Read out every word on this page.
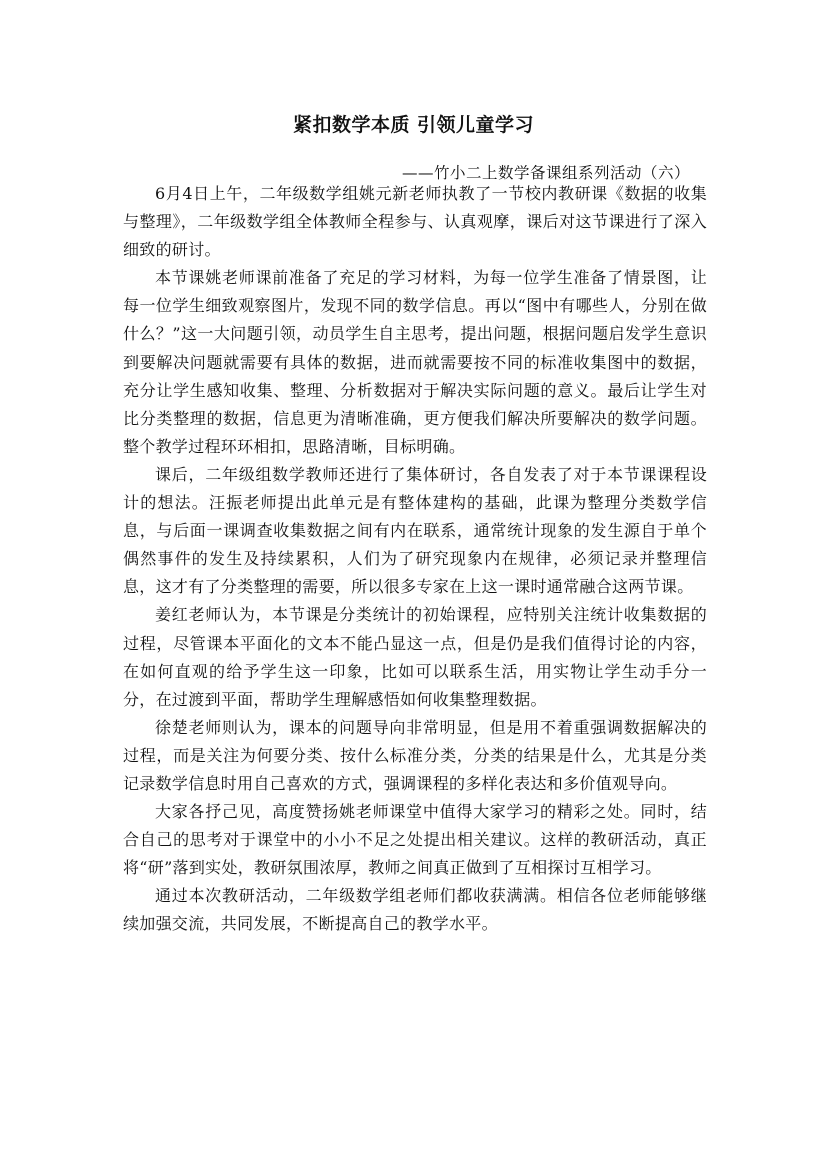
紧扣数学本质 引领儿童学习

——竹小二上数学备课组系列活动（六）

6月4日上午，二年级数学组姚元新老师执教了一节校内教研课《数据的收集与整理》，二年级数学组全体教师全程参与、认真观摩，课后对这节课进行了深入细致的研讨。

本节课姚老师课前准备了充足的学习材料，为每一位学生准备了情景图，让每一位学生细致观察图片，发现不同的数学信息。再以“图中有哪些人，分别在做什么？”这一大问题引领，动员学生自主思考，提出问题，根据问题启发学生意识到要解决问题就需要有具体的数据，进而就需要按不同的标准收集图中的数据，充分让学生感知收集、整理、分析数据对于解决实际问题的意义。最后让学生对比分类整理的数据，信息更为清晰准确，更方便我们解决所要解决的数学问题。整个教学过程环环相扣，思路清晰，目标明确。

课后，二年级组数学教师还进行了集体研讨，各自发表了对于本节课课程设计的想法。汪振老师提出此单元是有整体建构的基础，此课为整理分类数学信息，与后面一课调查收集数据之间有内在联系，通常统计现象的发生源自于单个偶然事件的发生及持续累积，人们为了研究现象内在规律，必须记录并整理信息，这才有了分类整理的需要，所以很多专家在上这一课时通常融合这两节课。

姜红老师认为，本节课是分类统计的初始课程，应特别关注统计收集数据的过程，尽管课本平面化的文本不能凸显这一点，但是仍是我们值得讨论的内容，在如何直观的给予学生这一印象，比如可以联系生活，用实物让学生动手分一分，在过渡到平面，帮助学生理解感悟如何收集整理数据。

徐楚老师则认为，课本的问题导向非常明显，但是用不着重强调数据解决的过程，而是关注为何要分类、按什么标准分类，分类的结果是什么，尤其是分类记录数学信息时用自己喜欢的方式，强调课程的多样化表达和多价值观导向。

大家各抒己见，高度赞扬姚老师课堂中值得大家学习的精彩之处。同时，结合自己的思考对于课堂中的小小不足之处提出相关建议。这样的教研活动，真正将“研”落到实处，教研氛围浓厚，教师之间真正做到了互相探讨互相学习。

通过本次教研活动，二年级数学组老师们都收获满满。相信各位老师能够继续加强交流，共同发展，不断提高自己的教学水平。
